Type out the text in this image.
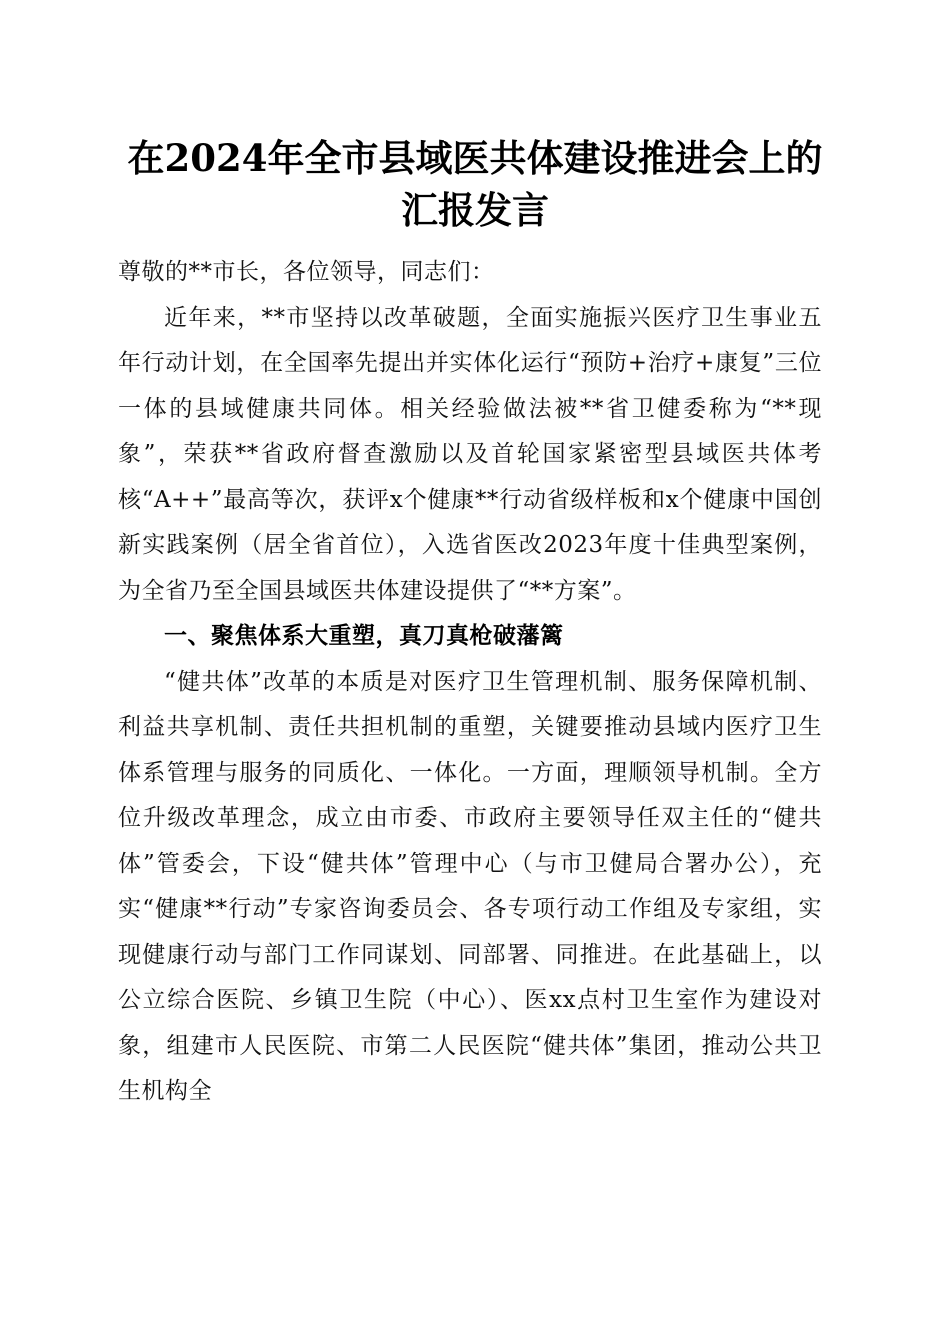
在2024年全市县域医共体建设推进会上的汇报发言

尊敬的**市长，各位领导，同志们：

近年来，**市坚持以改革破题，全面实施振兴医疗卫生事业五年行动计划，在全国率先提出并实体化运行“预防+治疗+康复”三位一体的县域健康共同体。相关经验做法被**省卫健委称为“**现象”，荣获**省政府督查激励以及首轮国家紧密型县域医共体考核“A++”最高等次，获评x个健康**行动省级样板和x个健康中国创新实践案例（居全省首位），入选省医改2023年度十佳典型案例，为全省乃至全国县域医共体建设提供了“**方案”。

一、聚焦体系大重塑，真刀真枪破藩篱

“健共体”改革的本质是对医疗卫生管理机制、服务保障机制、利益共享机制、责任共担机制的重塑，关键要推动县域内医疗卫生体系管理与服务的同质化、一体化。一方面，理顺领导机制。全方位升级改革理念，成立由市委、市政府主要领导任双主任的“健共体”管委会，下设“健共体”管理中心（与市卫健局合署办公），充实“健康**行动”专家咨询委员会、各专项行动工作组及专家组，实现健康行动与部门工作同谋划、同部署、同推进。在此基础上，以公立综合医院、乡镇卫生院（中心）、医xx点村卫生室作为建设对象，组建市人民医院、市第二人民医院“健共体”集团，推动公共卫生机构全
